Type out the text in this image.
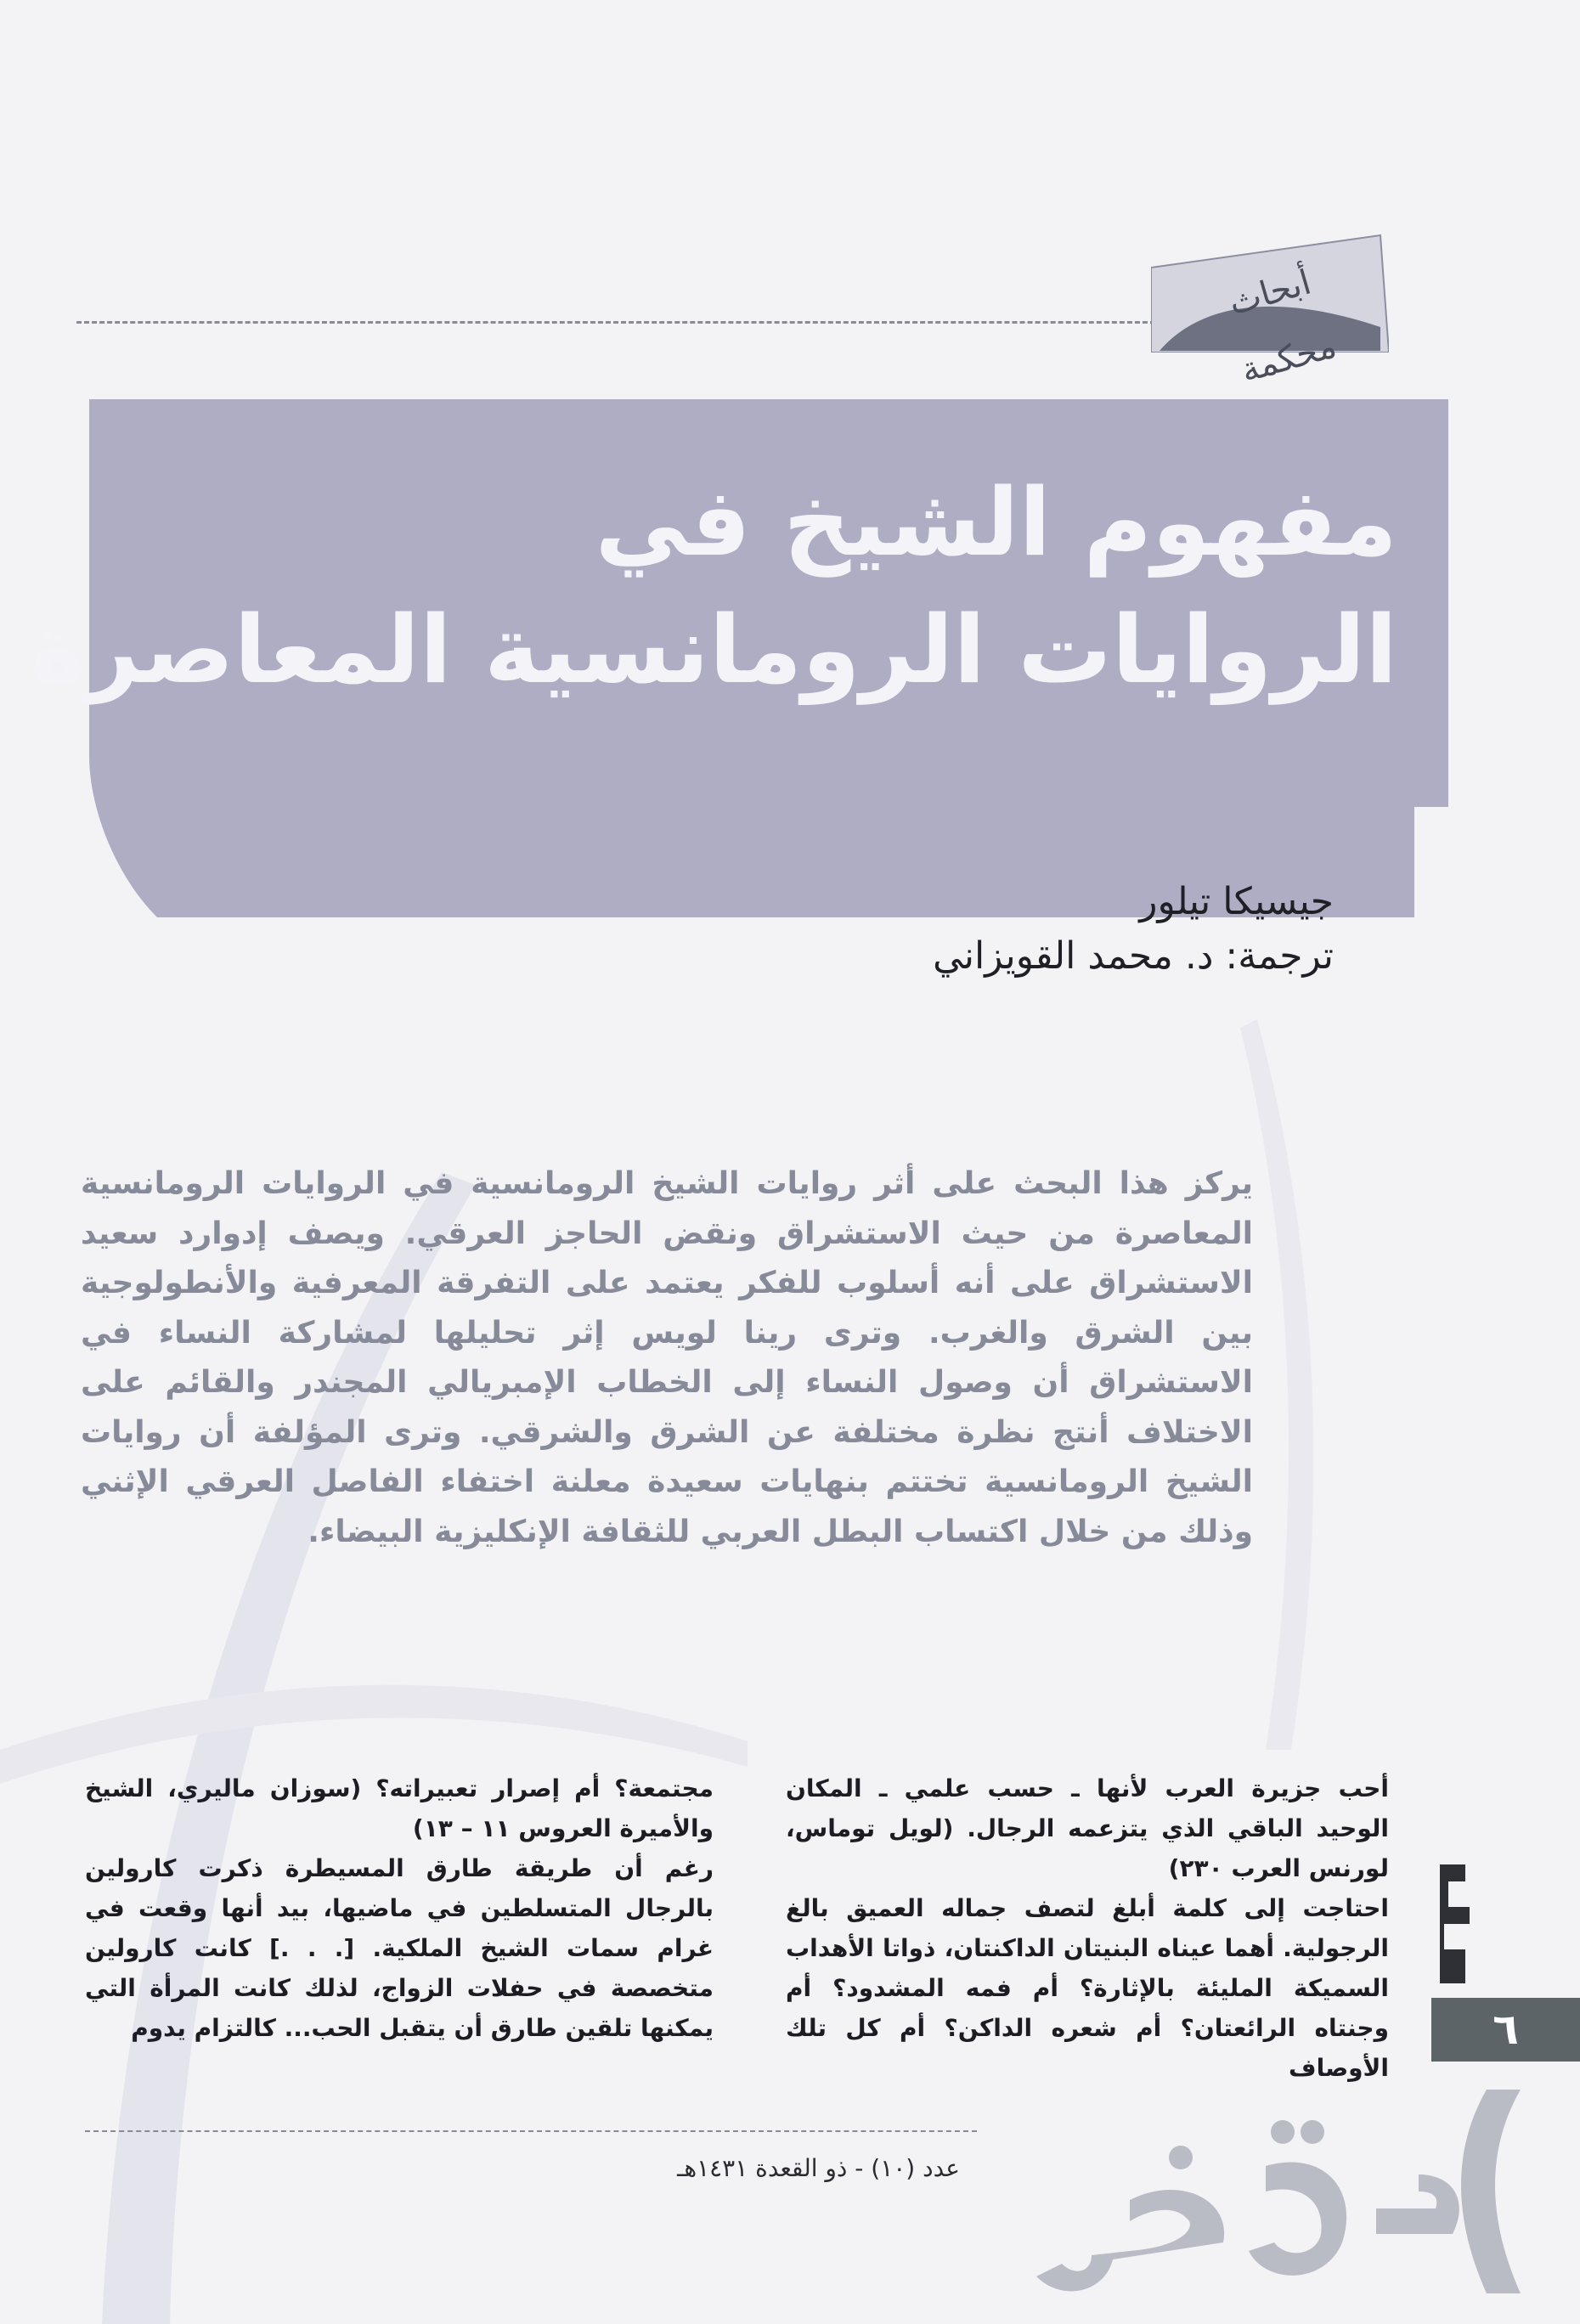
أبحاث محكمة
مفهوم الشيخ في
الروايات الرومانسية المعاصرة
جيسيكا تيلور
ترجمة: د. محمد القويزاني
يركز هذا البحث على أثر روايات الشيخ الرومانسية في الروايات الرومانسية المعاصرة من حيث الاستشراق ونقض الحاجز العرقي. ويصف إدوارد سعيد الاستشراق على أنه أسلوب للفكر يعتمد على التفرقة المعرفية والأنطولوجية بين الشرق والغرب. وترى رينا لويس إثر تحليلها لمشاركة النساء في الاستشراق أن وصول النساء إلى الخطاب الإمبريالي المجندر والقائم على الاختلاف أنتج نظرة مختلفة عن الشرق والشرقي. وترى المؤلفة أن روايات الشيخ الرومانسية تختتم بنهايات سعيدة معلنة اختفاء الفاصل العرقي الإثني وذلك من خلال اكتساب البطل العربي للثقافة الإنكليزية البيضاء.

أحب جزيرة العرب لأنها ـ حسب علمي ـ المكان الوحيد الباقي الذي يتزعمه الرجال. (لويل توماس، لورنس العرب ٢٣٠)

احتاجت إلى كلمة أبلغ لتصف جماله العميق بالغ الرجولية. أهما عيناه البنيتان الداكنتان، ذواتا الأهداب السميكة المليئة بالإثارة؟ أم فمه المشدود؟ أم وجنتاه الرائعتان؟ أم شعره الداكن؟ أم كل تلك الأوصاف

مجتمعة؟ أم إصرار تعبيراته؟ (سوزان ماليري، الشيخ والأميرة العروس ١١ – ١٣)

رغم أن طريقة طارق المسيطرة ذكرت كارولين بالرجال المتسلطين في ماضيها، بيد أنها وقعت في غرام سمات الشيخ الملكية. [. . .] كانت كارولين متخصصة في حفلات الزواج، لذلك كانت المرأة التي يمكنها تلقين طارق أن يتقبل الحب... كالتزام يدوم	٦
عدد (١٠) - ذو القعدة ١٤٣١هـ
